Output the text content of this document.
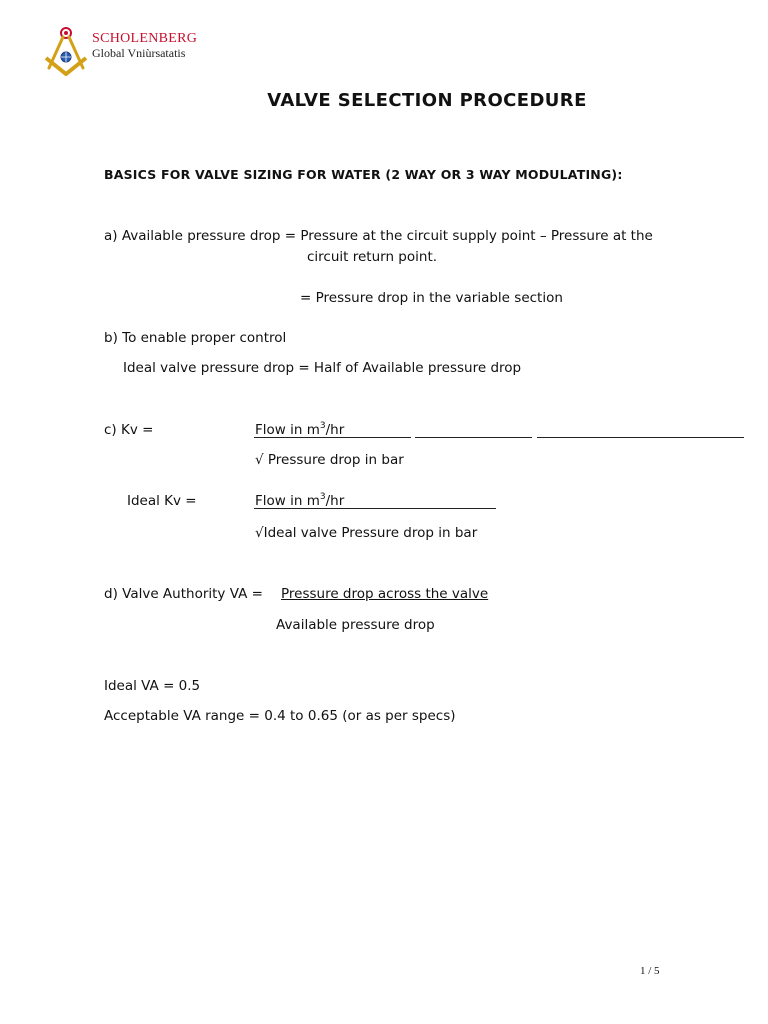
SCHOLENBERG
Global Vniùrsatatis
VALVE SELECTION PROCEDURE
BASICS FOR VALVE SIZING FOR WATER (2 WAY OR 3 WAY MODULATING):
a) Available pressure drop = Pressure at the circuit supply point – Pressure at the
circuit return point.
= Pressure drop in the variable section
b) To enable proper control
Ideal valve pressure drop = Half of Available pressure drop
c) Kv =	Flow in $m^3/hr$
√ Pressure drop in bar
Ideal Kv =	Flow in $m^3/hr$
√Ideal valve Pressure drop in bar
d) Valve Authority VA = Pressure drop across the valve
Available pressure drop
Ideal VA = 0.5
Acceptable VA range = 0.4 to 0.65 (or as per specs)
1 / 5
